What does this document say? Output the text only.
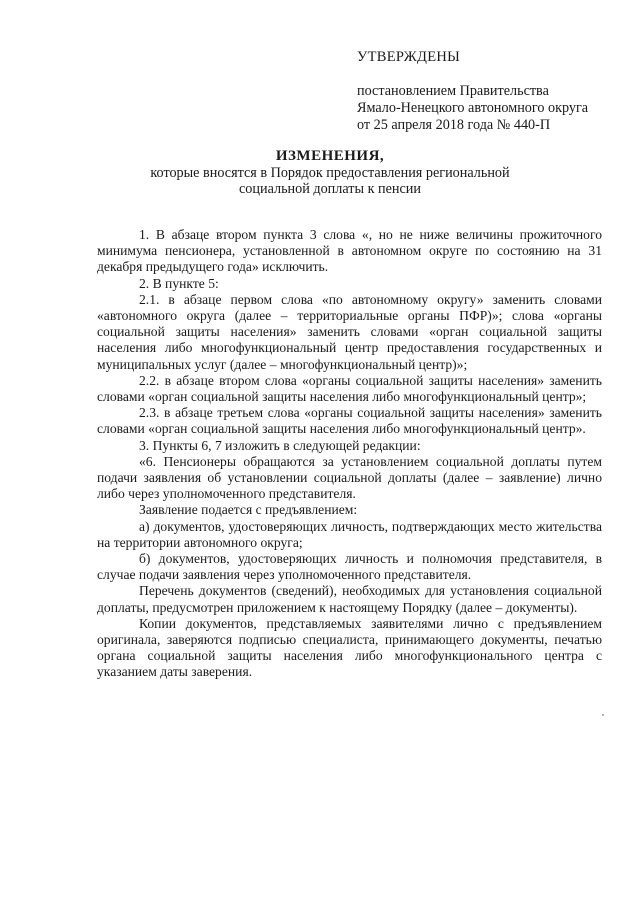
УТВЕРЖДЕНЫ
постановлением Правительства
Ямало-Ненецкого автономного округа
от 25 апреля 2018 года № 440-П
ИЗМЕНЕНИЯ,
которые вносятся в Порядок предоставления региональной
социальной доплаты к пенсии

1. В абзаце втором пункта 3 слова «, но не ниже величины прожиточного минимума пенсионера, установленной в автономном округе по состоянию на 31 декабря предыдущего года» исключить.

2. В пункте 5:

2.1. в абзаце первом слова «по автономному округу» заменить словами «автономного округа (далее – территориальные органы ПФР)»; слова «органы социальной защиты населения» заменить словами «орган социальной защиты населения либо многофункциональный центр предоставления государственных и муниципальных услуг (далее – многофункциональный центр)»;

2.2. в абзаце втором слова «органы социальной защиты населения» заменить словами «орган социальной защиты населения либо многофункциональный центр»;

2.3. в абзаце третьем слова «органы социальной защиты населения» заменить словами «орган социальной защиты населения либо многофункциональный центр».

3. Пункты 6, 7 изложить в следующей редакции:

«6. Пенсионеры обращаются за установлением социальной доплаты путем подачи заявления об установлении социальной доплаты (далее – заявление) лично либо через уполномоченного представителя.

Заявление подается с предъявлением:

а) документов, удостоверяющих личность, подтверждающих место жительства на территории автономного округа;

б) документов, удостоверяющих личность и полномочия представителя, в случае подачи заявления через уполномоченного представителя.

Перечень документов (сведений), необходимых для установления социальной доплаты, предусмотрен приложением к настоящему Порядку (далее – документы).

Копии документов, представляемых заявителями лично с предъявлением оригинала, заверяются подписью специалиста, принимающего документы, печатью органа социальной защиты населения либо многофункционального центра с указанием даты заверения.
